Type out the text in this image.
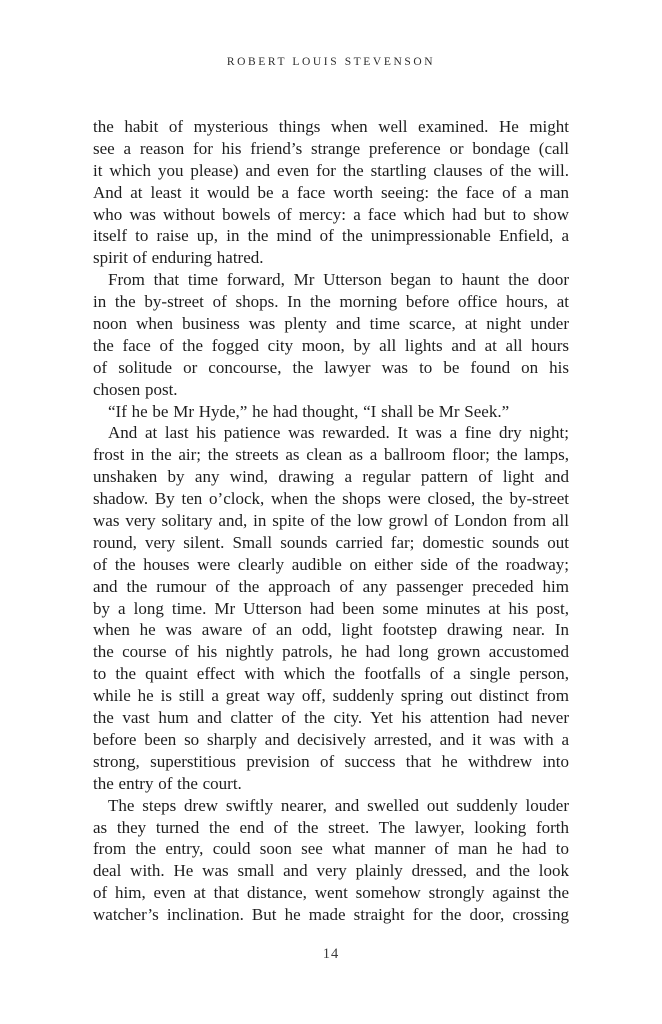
ROBERT LOUIS STEVENSON
the habit of mysterious things when well examined. He might
see a reason for his friend’s strange preference or bondage (call
it which you please) and even for the startling clauses of the will.
And at least it would be a face worth seeing: the face of a man
who was without bowels of mercy: a face which had but to show
itself to raise up, in the mind of the unimpressionable Enfield, a
spirit of enduring hatred.
From that time forward, Mr Utterson began to haunt the door
in the by-street of shops. In the morning before office hours, at
noon when business was plenty and time scarce, at night under
the face of the fogged city moon, by all lights and at all hours
of solitude or concourse, the lawyer was to be found on his
chosen post.
“If he be Mr Hyde,” he had thought, “I shall be Mr Seek.”
And at last his patience was rewarded. It was a fine dry night;
frost in the air; the streets as clean as a ballroom floor; the lamps,
unshaken by any wind, drawing a regular pattern of light and
shadow. By ten o’clock, when the shops were closed, the by-street
was very solitary and, in spite of the low growl of London from all
round, very silent. Small sounds carried far; domestic sounds out
of the houses were clearly audible on either side of the roadway;
and the rumour of the approach of any passenger preceded him
by a long time. Mr Utterson had been some minutes at his post,
when he was aware of an odd, light footstep drawing near. In
the course of his nightly patrols, he had long grown accustomed
to the quaint effect with which the footfalls of a single person,
while he is still a great way off, suddenly spring out distinct from
the vast hum and clatter of the city. Yet his attention had never
before been so sharply and decisively arrested, and it was with a
strong, superstitious prevision of success that he withdrew into
the entry of the court.
The steps drew swiftly nearer, and swelled out suddenly louder
as they turned the end of the street. The lawyer, looking forth
from the entry, could soon see what manner of man he had to
deal with. He was small and very plainly dressed, and the look
of him, even at that distance, went somehow strongly against the
watcher’s inclination. But he made straight for the door, crossing
14
